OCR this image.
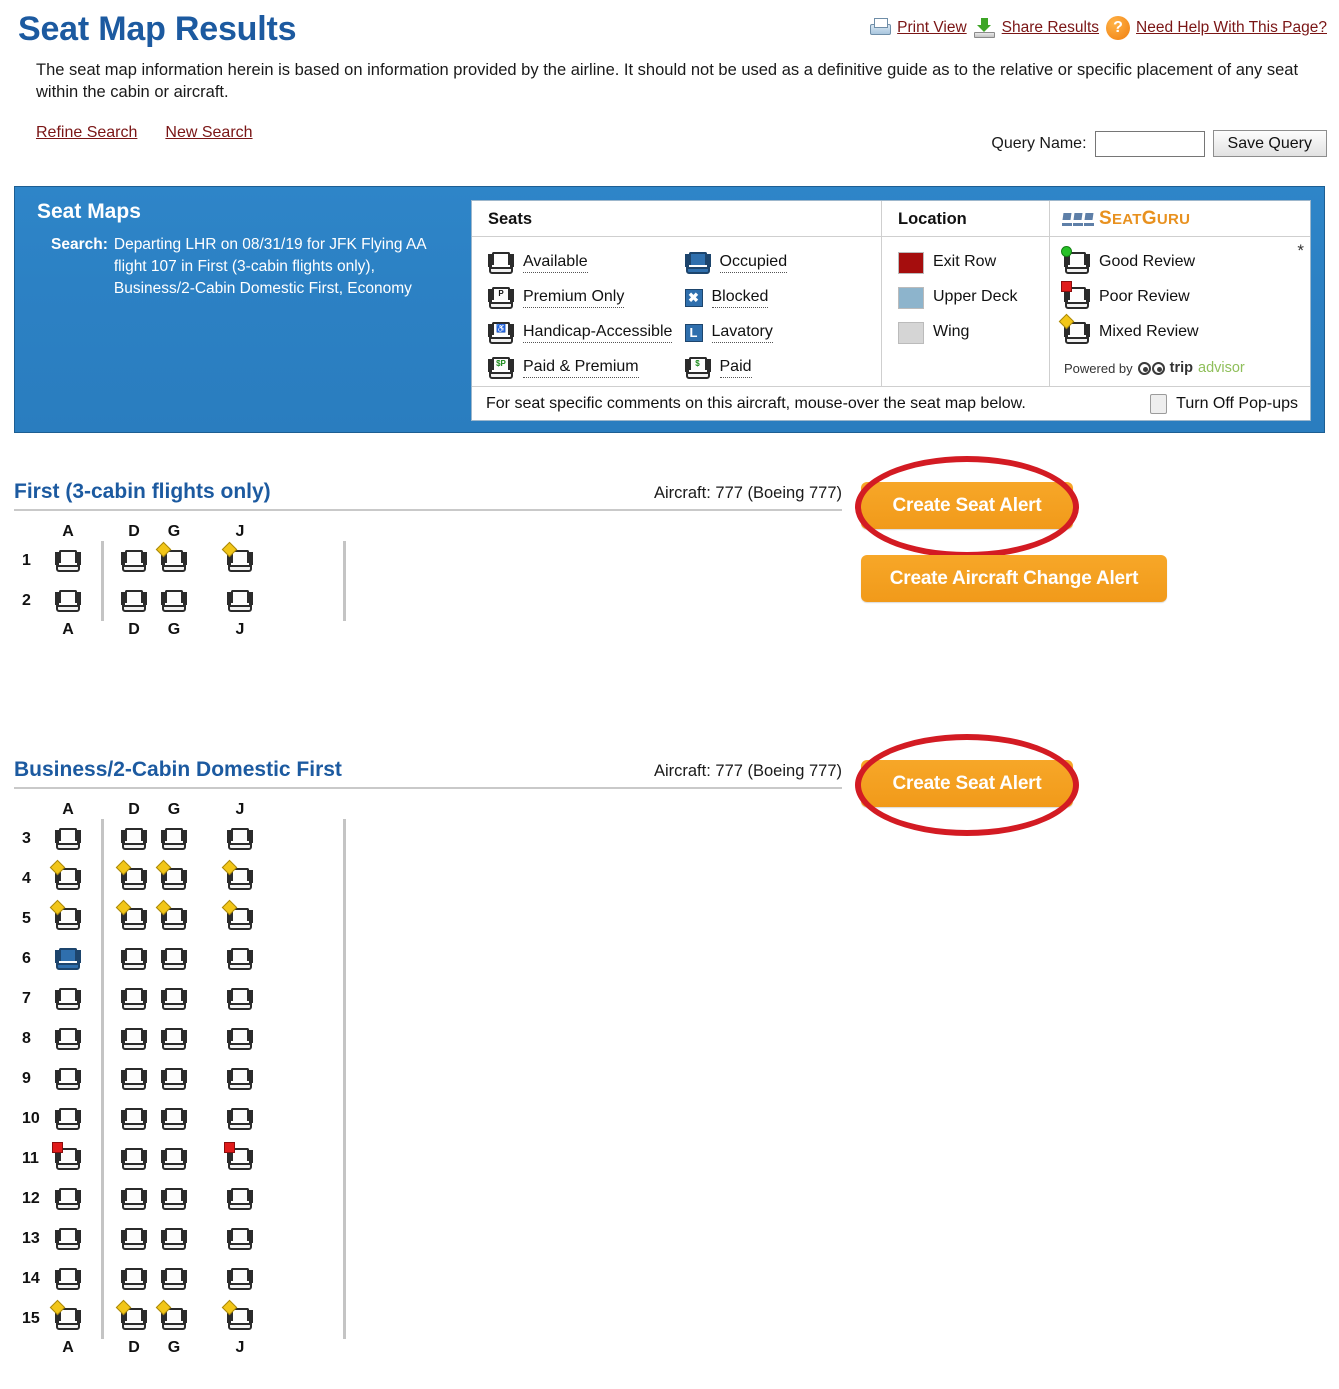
Seat Map Results	Print View Share Results ? Need Help With This Page?
The seat map information herein is based on information provided by the airline. It should not be used as a definitive guide as to the relative or specific placement of any seat within the cabin or aircraft.
Refine Search New Search
Query Name:	Save Query
Seat Maps
Search: Departing LHR on 08/31/19 for JFK Flying AA flight 107 in First (3-cabin flights only), Business/2-Cabin Domestic First, Economy
Seats
Available
P Premium Only
♿ Handicap-Accessible
$P Paid & Premium
Occupied
✖ Blocked
L Lavatory
$ Paid
Location
Exit Row
Upper Deck
Wing
SEATGURU
*
Good Review
Poor Review
Mixed Review
Powered by	trip advisor
For seat specific comments on this aircraft, mouse-over the seat map below.	Turn Off Pop-ups
First (3-cabin flights only)	Aircraft: 777 (Boeing 777)
A	D G	J
1
2
A	D G	J
Create Seat Alert
Create Aircraft Change Alert
Business/2-Cabin Domestic First	Aircraft: 777 (Boeing 777)
A	D G	J
3
4
5
6
7
8
9
10
11
12
13
14
15
A	D G	J
Create Seat Alert
